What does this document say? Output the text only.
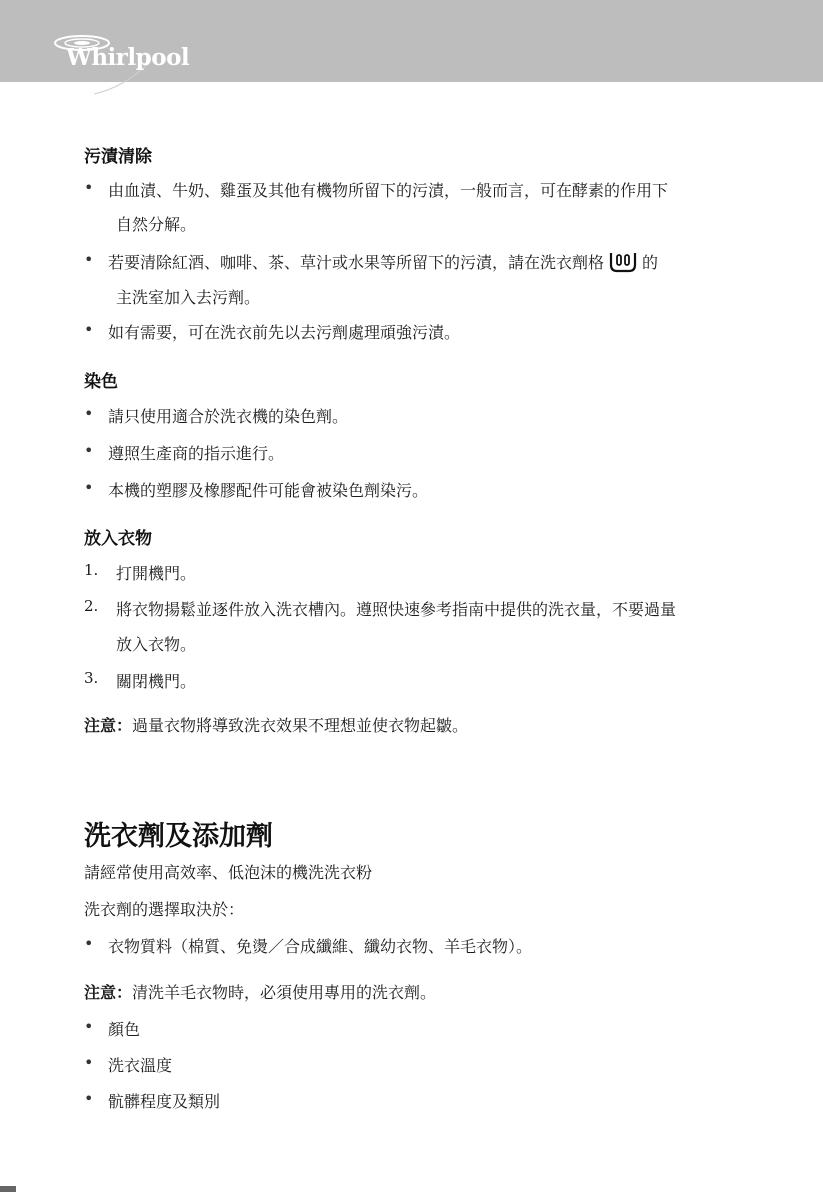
Whirlpool
污漬清除
• 由血漬、牛奶、雞蛋及其他有機物所留下的污漬，一般而言，可在酵素的作用下
自然分解。
• 若要清除紅酒、咖啡、茶、草汁或水果等所留下的污漬，請在洗衣劑格 的
主洗室加入去污劑。
• 如有需要，可在洗衣前先以去污劑處理頑強污漬。
染色
• 請只使用適合於洗衣機的染色劑。
• 遵照生產商的指示進行。
• 本機的塑膠及橡膠配件可能會被染色劑染污。
放入衣物
1. 打開機門。
2. 將衣物揚鬆並逐件放入洗衣槽內。遵照快速參考指南中提供的洗衣量，不要過量
放入衣物。
3. 關閉機門。
注意：過量衣物將導致洗衣效果不理想並使衣物起皺。
洗衣劑及添加劑
請經常使用高效率、低泡沫的機洗洗衣粉
洗衣劑的選擇取決於：
• 衣物質料（棉質、免燙／合成纖維、纖幼衣物、羊毛衣物）。
注意：清洗羊毛衣物時，必須使用專用的洗衣劑。
• 顏色
• 洗衣溫度
• 骯髒程度及類別
